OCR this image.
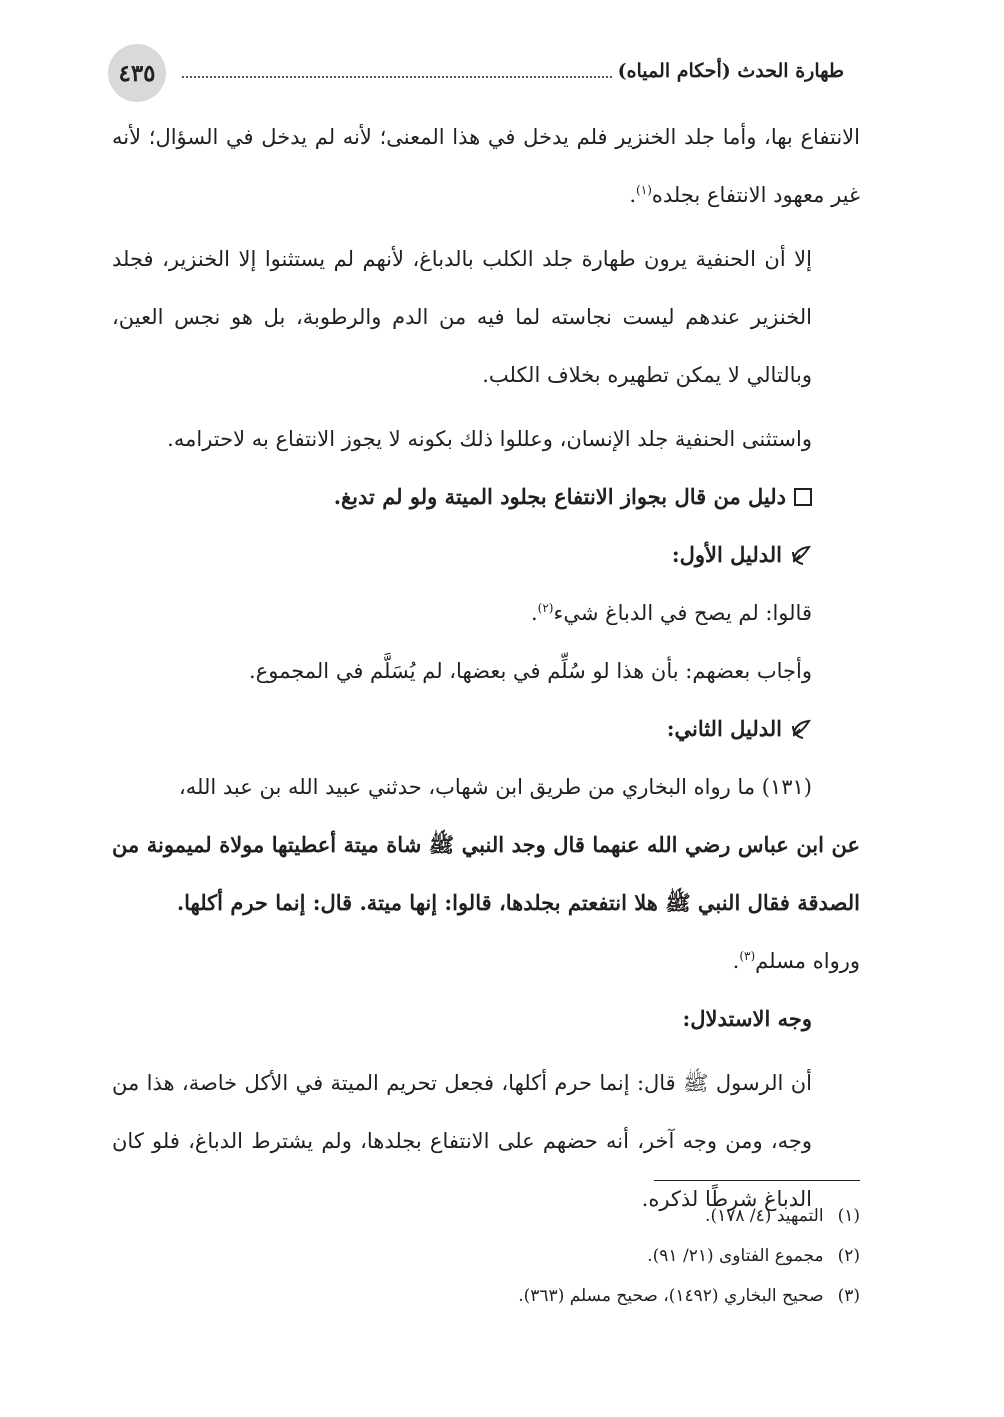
٤٣٥	طهارة الحدث (أحكام المياه)

الانتفاع بها، وأما جلد الخنزير فلم يدخل في هذا المعنى؛ لأنه لم يدخل في السؤال؛ لأنه غير معهود الانتفاع بجلده$^{(١)}$.

إلا أن الحنفية يرون طهارة جلد الكلب بالدباغ، لأنهم لم يستثنوا إلا الخنزير، فجلد الخنزير عندهم ليست نجاسته لما فيه من الدم والرطوبة، بل هو نجس العين، وبالتالي لا يمكن تطهيره بخلاف الكلب.

واستثنى الحنفية جلد الإنسان، وعللوا ذلك بكونه لا يجوز الانتفاع به لاحترامه.

دليل من قال بجواز الانتفاع بجلود الميتة ولو لم تدبغ.
الدليل الأول:

قالوا: لم يصح في الدباغ شيء$^{(٢)}$.

وأجاب بعضهم: بأن هذا لو سُلِّم في بعضها، لم يُسَلَّم في المجموع.

الدليل الثاني:

(١٣١) ما رواه البخاري من طريق ابن شهاب، حدثني عبيد الله بن عبد الله،

عن ابن عباس رضي الله عنهما قال وجد النبي ﷺ شاة ميتة أعطيتها مولاة لميمونة من الصدقة فقال النبي ﷺ هلا انتفعتم بجلدها، قالوا: إنها ميتة. قال: إنما حرم أكلها.

ورواه مسلم$^{(٣)}$.

وجه الاستدلال:

أن الرسول ﷺ قال: إنما حرم أكلها، فجعل تحريم الميتة في الأكل خاصة، هذا من وجه، ومن وجه آخر، أنه حضهم على الانتفاع بجلدها، ولم يشترط الدباغ، فلو كان الدباغ شرطًا لذكره.

(١)
التمهيد (٤/ ١٧٨).
(٢)
مجموع الفتاوى (٢١/ ٩١).
(٣)
صحيح البخاري (١٤٩٢)، صحيح مسلم (٣٦٣).
